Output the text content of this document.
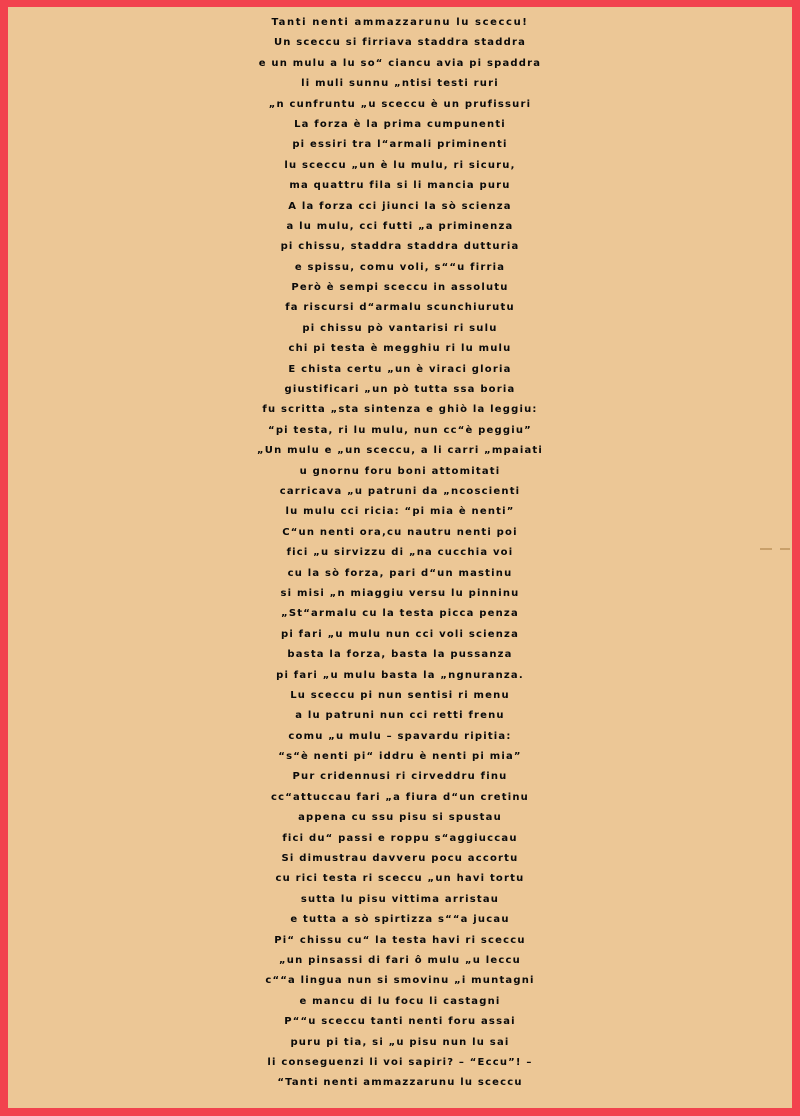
Tanti nenti ammazzarunu lu sceccu!
Un sceccu si firriava staddra staddra
e un mulu a lu so“ ciancu avia pi spaddra
li muli sunnu „ntisi testi ruri
„n cunfruntu „u sceccu è un prufissuri
La forza è la prima cumpunenti
pi essiri tra l“armali priminenti
lu sceccu „un è lu mulu, ri sicuru,
ma quattru fila si li mancia puru
A la forza cci jiunci la sò scienza
a lu mulu, cci futti „a priminenza
pi chissu, staddra staddra dutturia
e spissu, comu voli, s““u firria
Però è sempi sceccu in assolutu
fa riscursi d“armalu scunchiurutu
pi chissu pò vantarisi ri sulu
chi pi testa è megghiu ri lu mulu
E chista certu „un è viraci gloria
giustificari „un pò tutta ssa boria
fu scritta „sta sintenza e ghiò la leggiu:
“pi testa, ri lu mulu, nun cc“è peggiu”
„Un mulu e „un sceccu, a li carri „mpaiati
u gnornu foru boni attomitati
carricava „u patruni da „ncoscienti
lu mulu cci ricia: “pi mia è nenti”
C“un nenti ora,cu nautru nenti poi
fici „u sirvizzu di „na cucchia voi
cu la sò forza, pari d“un mastinu
si misi „n miaggiu versu lu pinninu
„St“armalu cu la testa picca penza
pi fari „u mulu nun cci voli scienza
basta la forza, basta la pussanza
pi fari „u mulu basta la „ngnuranza.
Lu sceccu pi nun sentisi ri menu
a lu patruni nun cci retti frenu
comu „u mulu – spavardu ripitia:
“s“è nenti pi“ iddru è nenti pi mia”
Pur cridennusi ri cirveddru finu
cc“attuccau fari „a fiura d“un cretinu
appena cu ssu pisu si spustau
fici du“ passi e roppu s“aggiuccau
Si dimustrau davveru pocu accortu
cu rici testa ri sceccu „un havi tortu
sutta lu pisu vittima arristau
e tutta a sò spirtizza s““a jucau
Pi“ chissu cu“ la testa havi ri sceccu
„un pinsassi di fari ô mulu „u leccu
c““a lingua nun si smovinu „i muntagni
e mancu di lu focu li castagni
P““u sceccu tanti nenti foru assai
puru pi tia, si „u pisu nun lu sai
li conseguenzi li voi sapiri? – “Eccu”! –
“Tanti nenti ammazzarunu lu sceccu
